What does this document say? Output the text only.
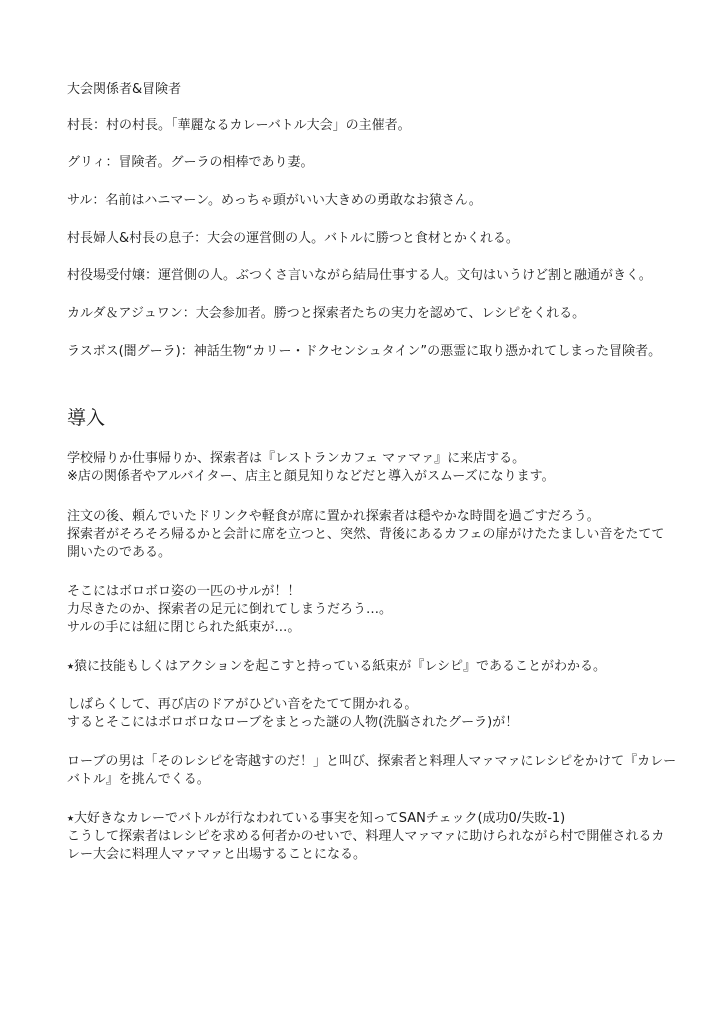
大会関係者&冒険者

村長：村の村長。「華麗なるカレーバトル大会」の主催者。

グリィ：冒険者。グーラの相棒であり妻。

サル：名前はハニマーン。めっちゃ頭がいい大きめの勇敢なお猿さん。

村長婦人&村長の息子：大会の運営側の人。バトルに勝つと食材とかくれる。

村役場受付嬢：運営側の人。ぶつくさ言いながら結局仕事する人。文句はいうけど割と融通がきく。

カルダ＆アジュワン：大会参加者。勝つと探索者たちの実力を認めて、レシピをくれる。

ラスボス(闇グーラ)：神話生物“カリー・ドクセンシュタイン”の悪霊に取り憑かれてしまった冒険者。

導入
学校帰りか仕事帰りか、探索者は『レストランカフェ マァマァ』に来店する。
※店の関係者やアルバイター、店主と顔見知りなどだと導入がスムーズになります。
注文の後、頼んでいたドリンクや軽食が席に置かれ探索者は穏やかな時間を過ごすだろう。
探索者がそろそろ帰るかと会計に席を立つと、突然、背後にあるカフェの扉がけたたましい音をたてて
開いたのである。
そこにはボロボロ姿の一匹のサルが！！
力尽きたのか、探索者の足元に倒れてしまうだろう…。
サルの手には紐に閉じられた紙束が…。
⭑猿に技能もしくはアクションを起こすと持っている紙束が『レシピ』であることがわかる。
しばらくして、再び店のドアがひどい音をたてて開かれる。
するとそこにはボロボロなローブをまとった謎の人物(洗脳されたグーラ)が！
ローブの男は「そのレシピを寄越すのだ！」と叫び、探索者と料理人マァマァにレシピをかけて『カレー
バトル』を挑んでくる。
⭑大好きなカレーでバトルが行なわれている事実を知ってSANチェック(成功0/失敗-1)
こうして探索者はレシピを求める何者かのせいで、料理人マァマァに助けられながら村で開催されるカ
レー大会に料理人マァマァと出場することになる。
